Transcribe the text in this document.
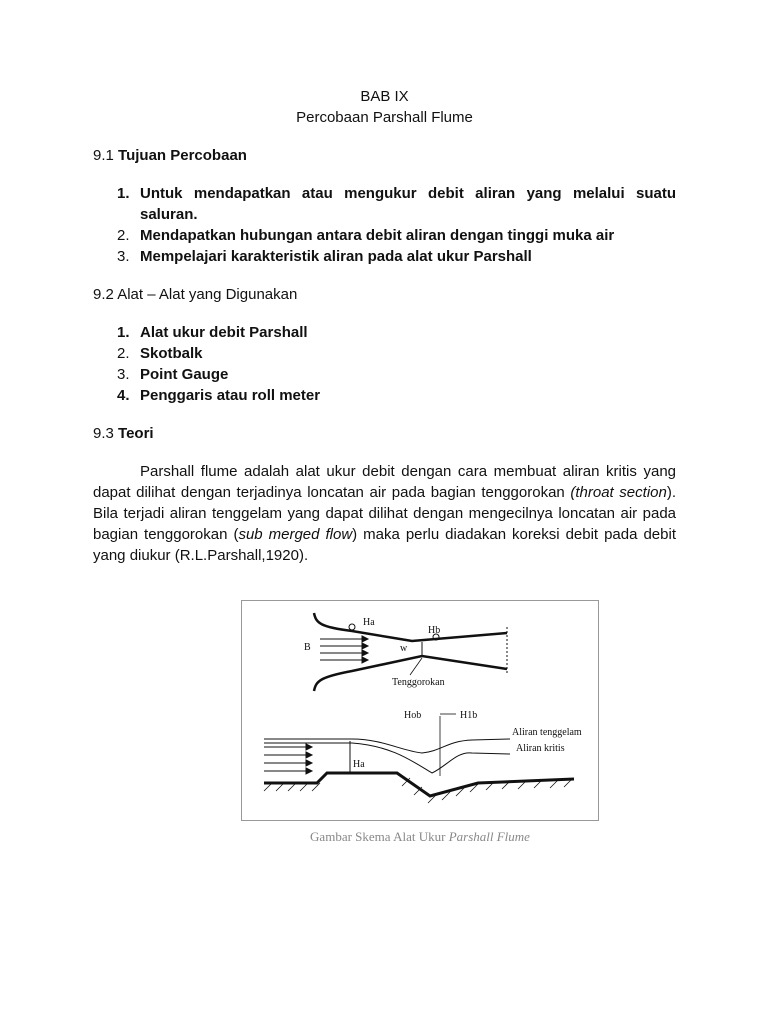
BAB IX
Percobaan Parshall Flume
9.1 Tujuan Percobaan
1. Untuk mendapatkan atau mengukur debit aliran yang melalui suatu saluran.
2. Mendapatkan hubungan antara debit aliran dengan tinggi muka air
3. Mempelajari karakteristik aliran pada alat ukur Parshall
9.2 Alat – Alat yang Digunakan
1. Alat ukur debit Parshall
2. Skotbalk
3. Point Gauge
4. Penggaris atau roll meter
9.3 Teori

Parshall flume adalah alat ukur debit dengan cara membuat aliran kritis yang dapat dilihat dengan terjadinya loncatan air pada bagian tenggorokan (throat section). Bila terjadi aliran tenggelam yang dapat dilihat dengan mengecilnya loncatan air pada bagian tenggorokan (sub merged flow) maka perlu diadakan koreksi debit pada debit yang diukur (R.L.Parshall,1920).

Ha
Hb
B	w
Tenggorokan
Hob	H1b
Aliran tenggelam
Aliran kritis
Ha
Gambar Skema Alat Ukur Parshall Flume
